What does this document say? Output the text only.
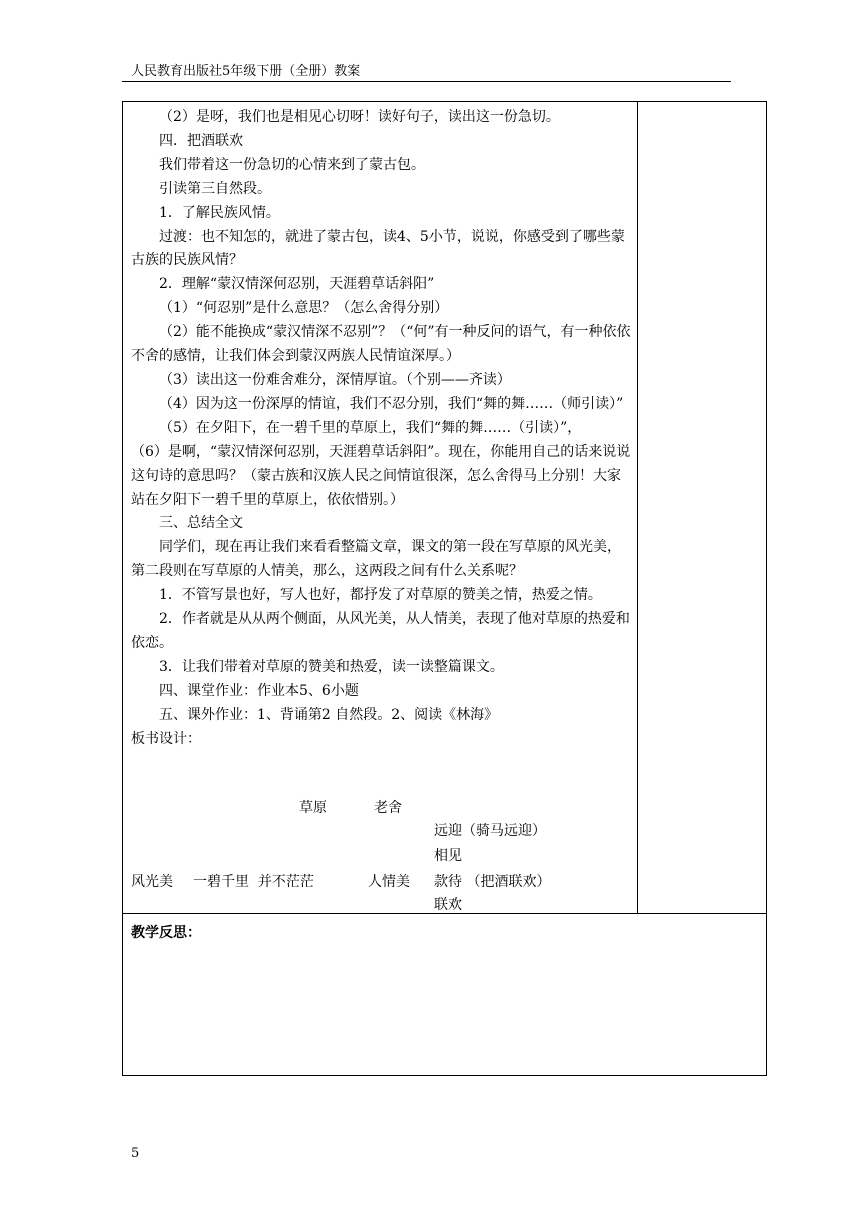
人民教育出版社5年级下册（全册）教案

（2）是呀，我们也是相见心切呀！读好句子，读出这一份急切。

四．把酒联欢

我们带着这一份急切的心情来到了蒙古包。

引读第三自然段。

1．了解民族风情。

过渡：也不知怎的，就进了蒙古包，读4、5小节，说说，你感受到了哪些蒙古族的民族风情？

2．理解“蒙汉情深何忍别，天涯碧草话斜阳”

（1）“何忍别”是什么意思？（怎么舍得分别）

（2）能不能换成“蒙汉情深不忍别”？（“何”有一种反问的语气，有一种依依不舍的感情，让我们体会到蒙汉两族人民情谊深厚。）

（3）读出这一份难舍难分，深情厚谊。（个别——齐读）

（4）因为这一份深厚的情谊，我们不忍分别，我们“舞的舞……（师引读）”

（5）在夕阳下，在一碧千里的草原上，我们“舞的舞……（引读）”，

（6）是啊，“蒙汉情深何忍别，天涯碧草话斜阳”。现在，你能用自己的话来说说这句诗的意思吗？（蒙古族和汉族人民之间情谊很深，怎么舍得马上分别！大家站在夕阳下一碧千里的草原上，依依惜别。）

三、总结全文

同学们，现在再让我们来看看整篇文章，课文的第一段在写草原的风光美，第二段则在写草原的人情美，那么，这两段之间有什么关系呢？

1．不管写景也好，写人也好，都抒发了对草原的赞美之情，热爱之情。

2．作者就是从从两个侧面，从风光美，从人情美，表现了他对草原的热爱和依恋。

3．让我们带着对草原的赞美和热爱，读一读整篇课文。

四、课堂作业：作业本5、6小题

五、课外作业：1、背诵第2 自然段。2、阅读《林海》

板书设计：

草原	老舍
远迎（骑马远迎）
相见
风光美 一碧千里  并不茫茫	人情美 款待 （把酒联欢）
联欢
教学反思：
5
